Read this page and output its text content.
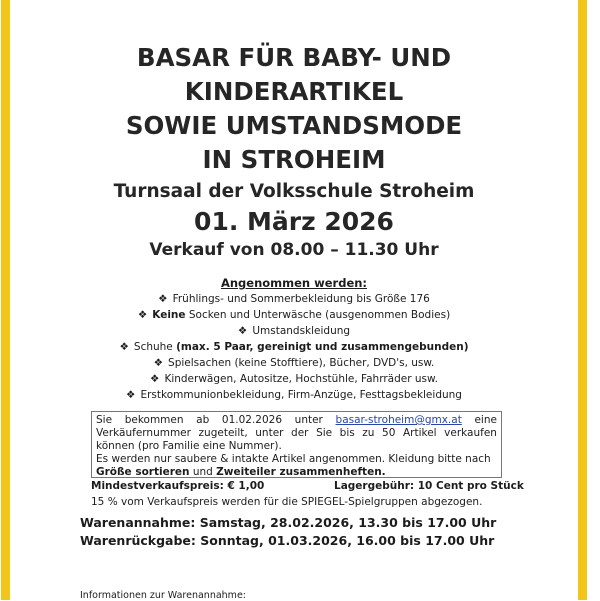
BASAR FÜR BABY- UND
KINDERARTIKEL
SOWIE UMSTANDSMODE
IN STROHEIM
Turnsaal der Volksschule Stroheim
01. März 2026
Verkauf von 08.00 – 11.30 Uhr
Angenommen werden:
❖ Frühlings- und Sommerbekleidung bis Größe 176
❖ Keine Socken und Unterwäsche (ausgenommen Bodies)
❖ Umstandskleidung
❖ Schuhe (max. 5 Paar, gereinigt und zusammengebunden)
❖ Spielsachen (keine Stofftiere), Bücher, DVD's, usw.
❖ Kinderwägen, Autositze, Hochstühle, Fahrräder usw.
❖ Erstkommunionbekleidung, Firm-Anzüge, Festtagsbekleidung
Sie bekommen ab 01.02.2026 unter basar-stroheim@gmx.at eine
Verkäufernummer zugeteilt, unter der Sie bis zu 50 Artikel verkaufen
können (pro Familie eine Nummer).
Es werden nur saubere & intakte Artikel angenommen. Kleidung bitte nach
Größe sortieren und Zweiteiler zusammenheften.
Mindestverkaufspreis: € 1,00	Lagergebühr: 10 Cent pro Stück
15 % vom Verkaufspreis werden für die SPIEGEL-Spielgruppen abgezogen.
Warenannahme: Samstag, 28.02.2026, 13.30 bis 17.00 Uhr
Warenrückgabe: Sonntag, 01.03.2026, 16.00 bis 17.00 Uhr
Informationen zur Warenannahme:
